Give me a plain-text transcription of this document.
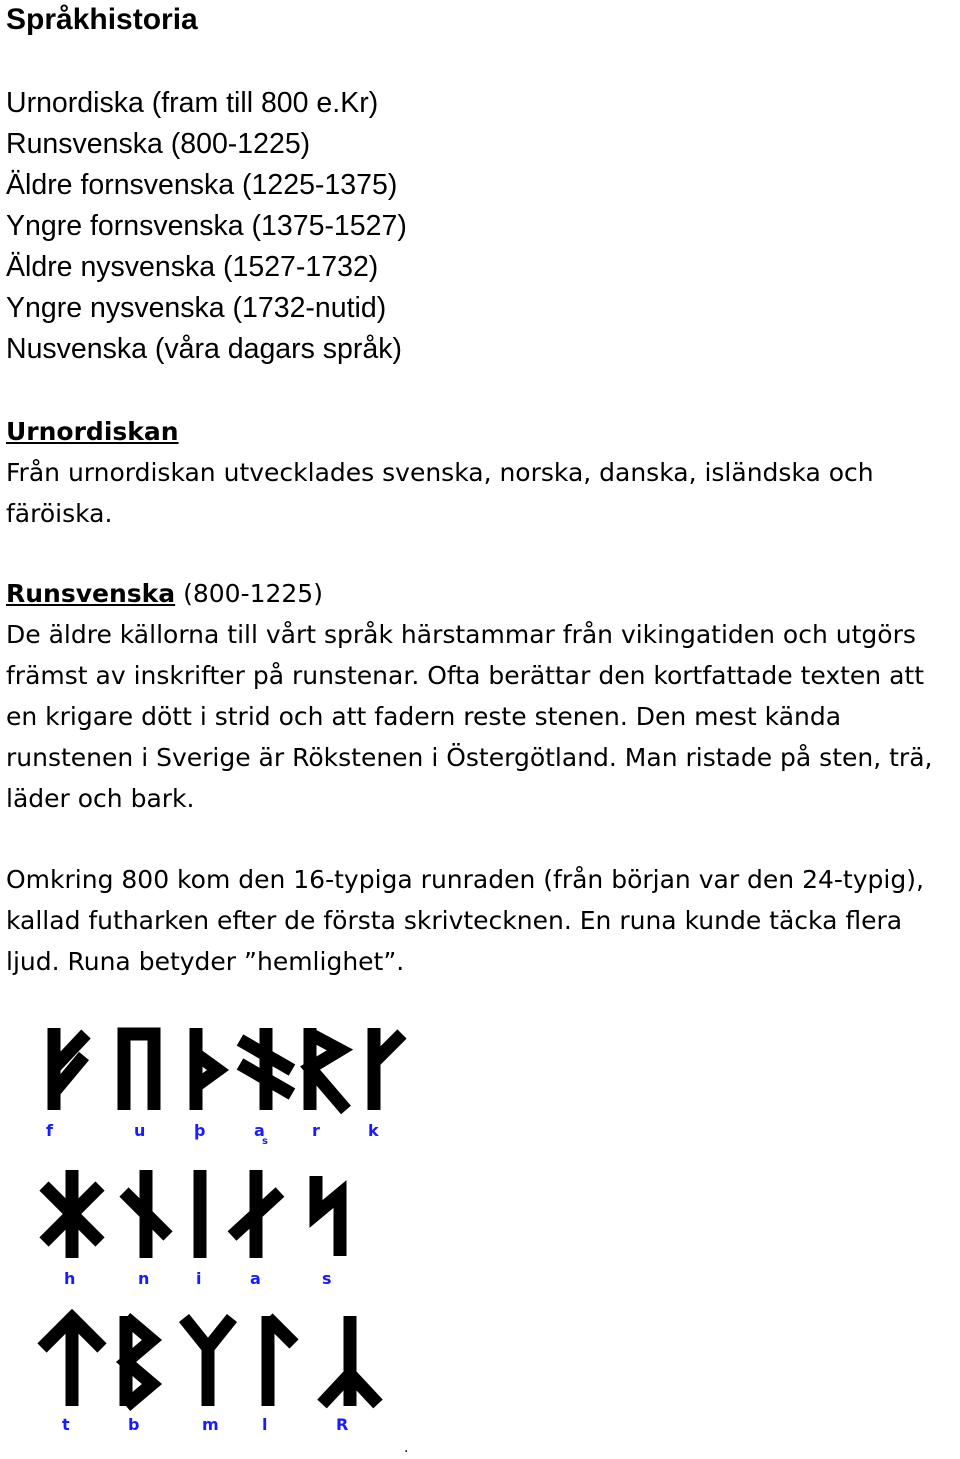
Språkhistoria
Urnordiska (fram till 800 e.Kr)
Runsvenska (800-1225)
Äldre fornsvenska (1225-1375)
Yngre fornsvenska (1375-1527)
Äldre nysvenska (1527-1732)
Yngre nysvenska (1732-nutid)
Nusvenska (våra dagars språk)

Urnordiskan

Från urnordiskan utvecklades svenska, norska, danska, isländska och färöiska.

Runsvenska (800-1225)

De äldre källorna till vårt språk härstammar från vikingatiden och utgörs främst av inskrifter på runstenar. Ofta berättar den kortfattade texten att en krigare dött i strid och att fadern reste stenen. Den mest kända runstenen i Sverige är Rökstenen i Östergötland. Man ristade på sten, trä, läder och bark.

Omkring 800 kom den 16-typiga runraden (från början var den 24-typig), kallad futharken efter de första skrivtecknen. En runa kunde täcka flera ljud. Runa betyder ”hemlighet”.

f	u	þ	a
s
r	k
h	n	i	a	s
t	b	m	l	R
.
